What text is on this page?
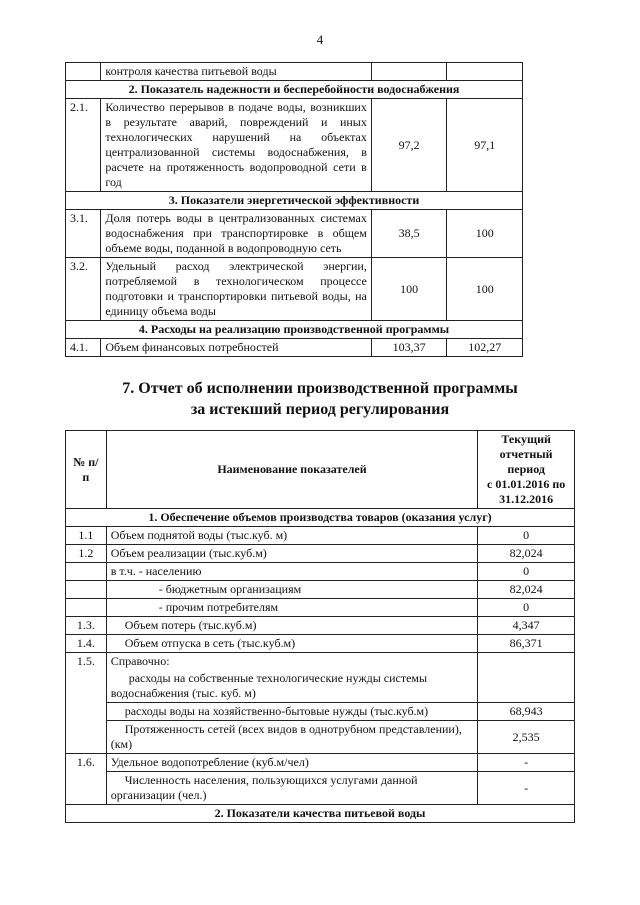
4
	контроля качества питьевой воды		
2. Показатель надежности и бесперебойности водоснабжения			
2.1.	Количество перерывов в подаче воды, возникших в результате аварий, повреждений и иных технологических нарушений на объектах централизованной системы водоснабжения, в расчете на протяженность водопроводной сети в год	97,2	97,1
3. Показатели энергетической эффективности			
3.1.	Доля потерь воды в централизованных системах водоснабжения при транспортировке в общем объеме воды, поданной в водопроводную сеть	38,5	100
3.2.	Удельный расход электрической энергии, потребляемой в технологическом процессе подготовки и транспортировки питьевой воды, на единицу объема воды	100	100
4. Расходы на реализацию производственной программы			
4.1.	Объем финансовых потребностей	103,37	102,27
7. Отчет об исполнении производственной программы
за истекший период регулирования
№ п/п	Наименование показателей	Текущий
отчетный период
с 01.01.2016 по
31.12.2016

1. Обеспечение объемов производства товаров (оказания услуг)		
1.1	Объем поднятой воды (тыс.куб. м)	0
1.2	Объем реализации (тыс.куб.м)	82,024
	в т.ч. - населению	0
	- бюджетным организациям	82,024
	- прочим потребителям	0
1.3.	Объем потерь (тыс.куб.м)	4,347
1.4.	Объем отпуска в сеть (тыс.куб.м)	86,371
1.5.	Справочно:	
	расходы на собственные технологические нужды системы водоснабжения (тыс. куб. м)	
	расходы воды на хозяйственно-бытовые нужды (тыс.куб.м)	68,943
	Протяженность сетей (всех видов в однотрубном представлении), (км)	2,535
1.6.	Удельное водопотребление (куб.м/чел)	-
	Численность населения, пользующихся услугами данной организации (чел.)	-
2. Показатели качества питьевой воды		
